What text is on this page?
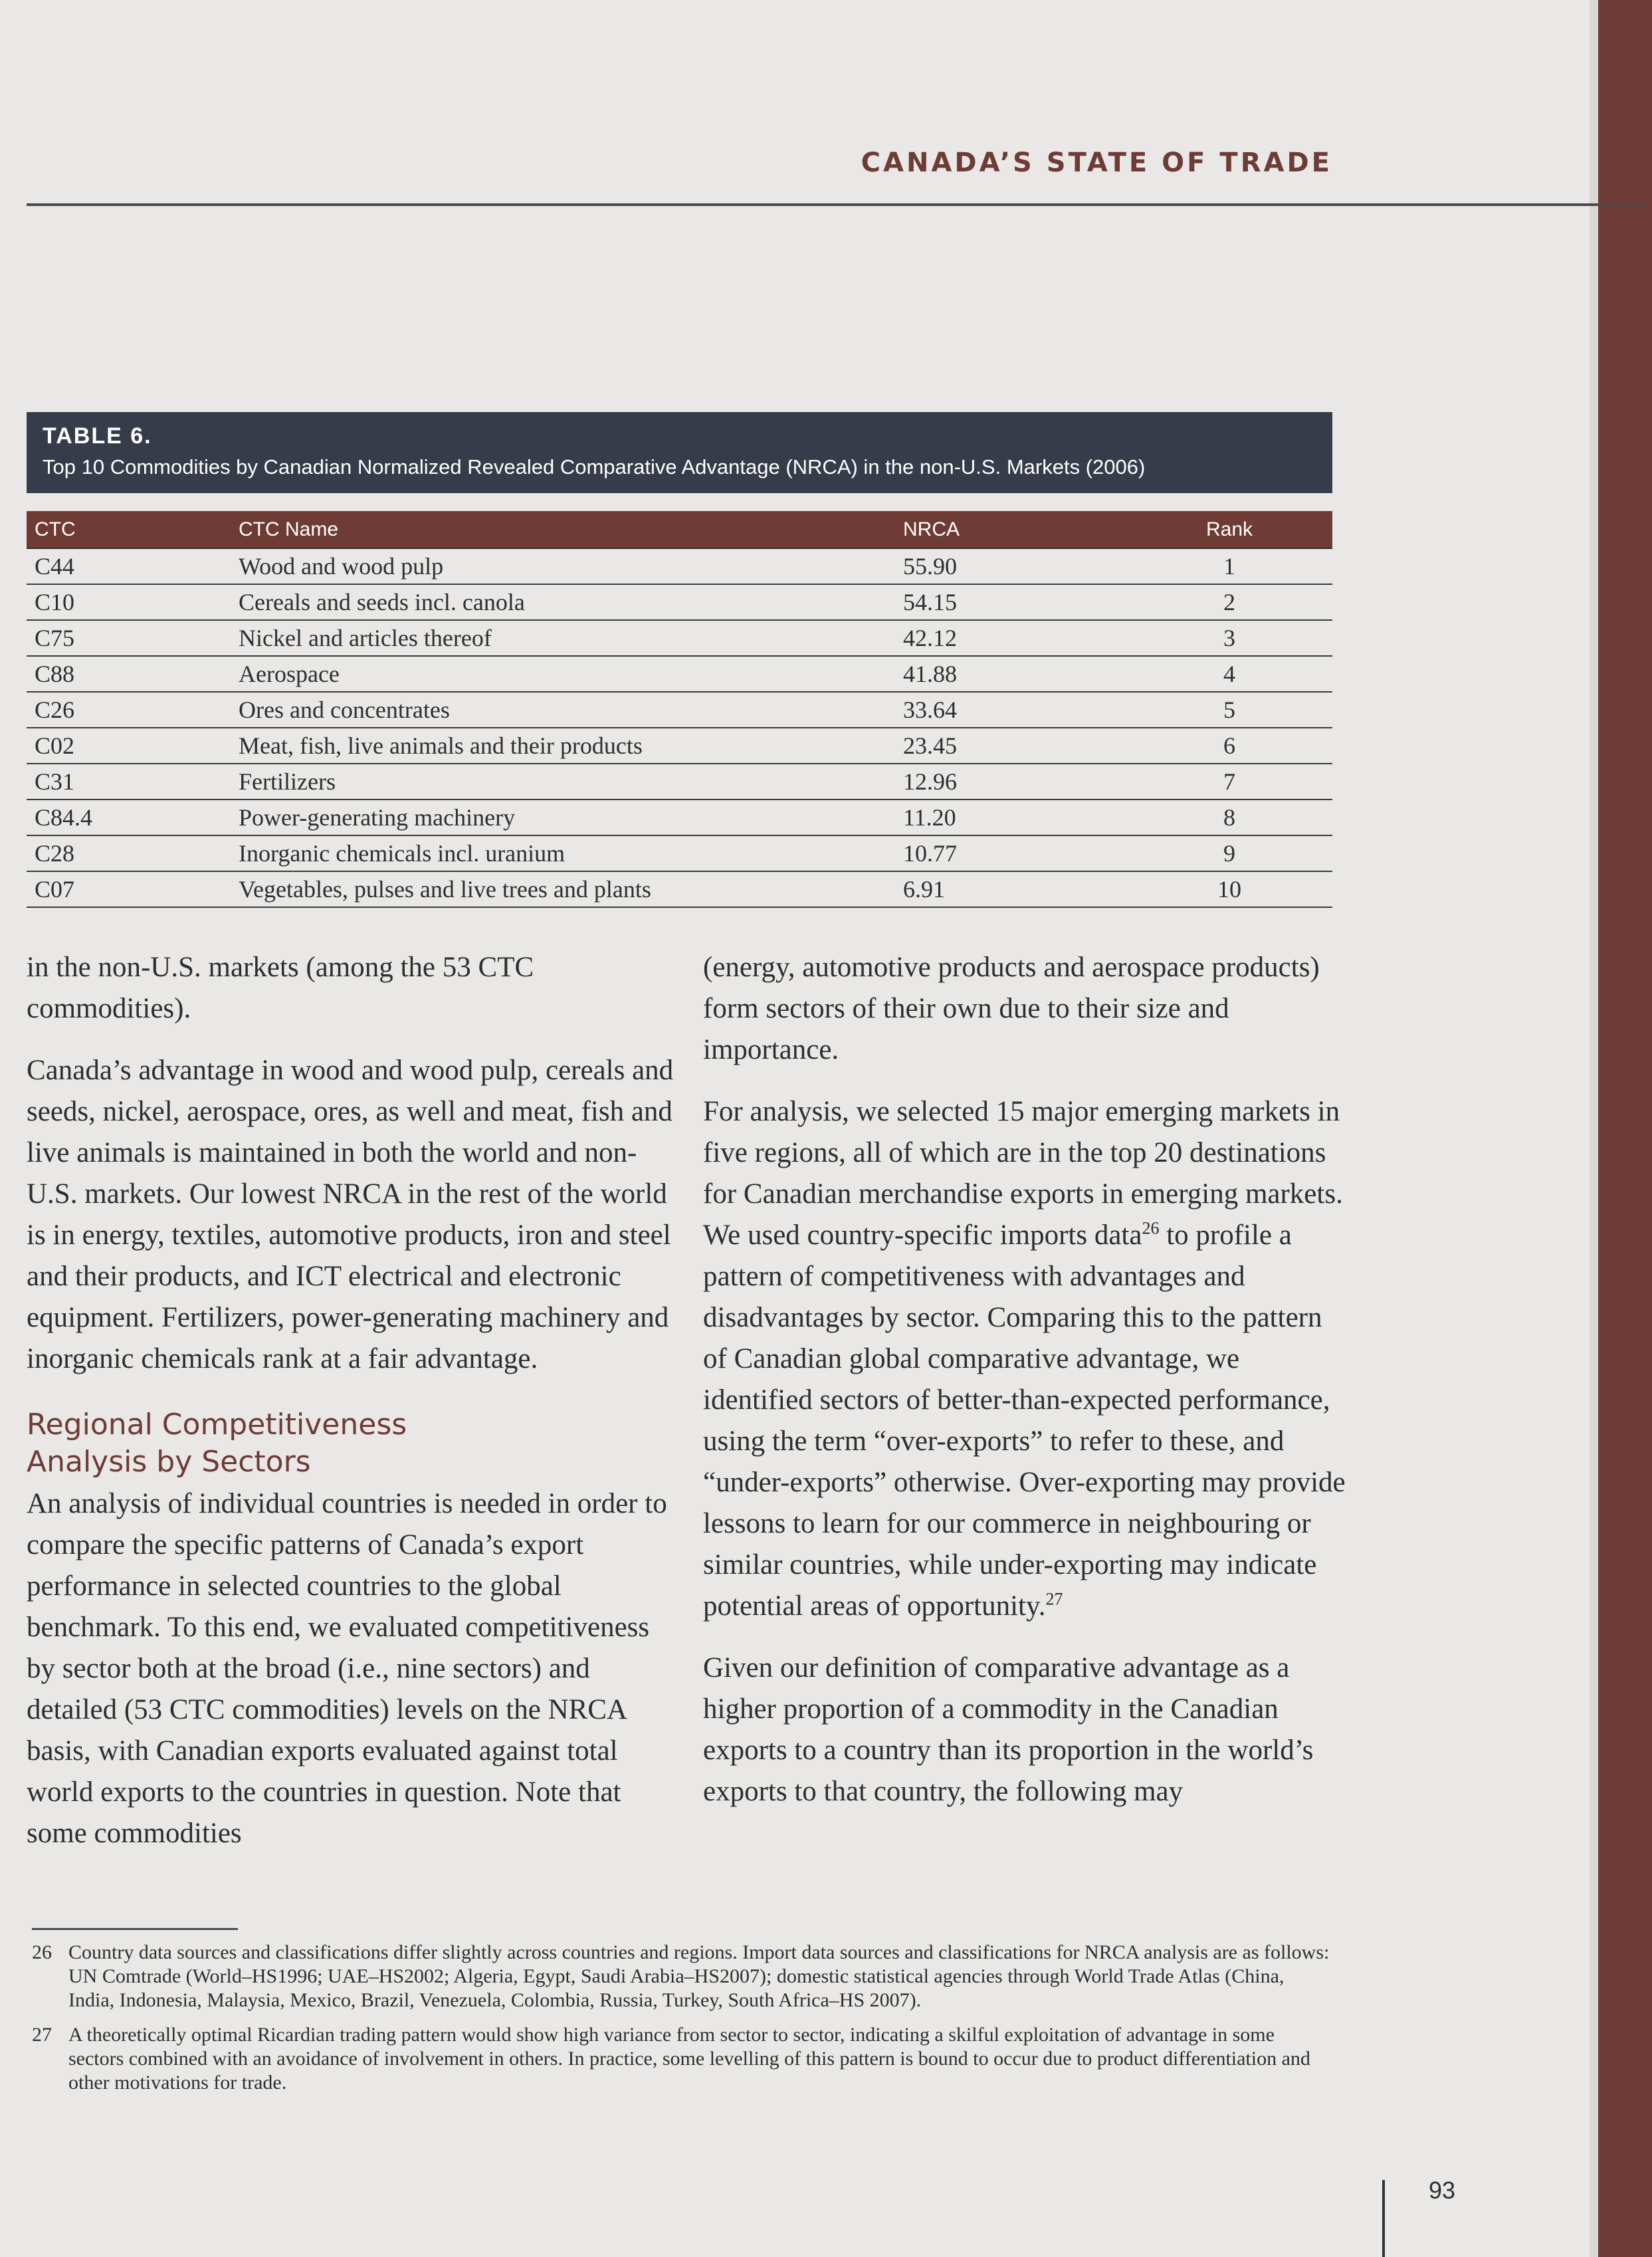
CANADA’S STATE OF TRADE
TABLE 6.
Top 10 Commodities by Canadian Normalized Revealed Comparative Advantage (NRCA) in the non-U.S. Markets (2006)
CTC	CTC Name	NRCA	Rank
C44	Wood and wood pulp	55.90	1
C10	Cereals and seeds incl. canola	54.15	2
C75	Nickel and articles thereof	42.12	3
C88	Aerospace	41.88	4
C26	Ores and concentrates	33.64	5
C02	Meat, fish, live animals and their products	23.45	6
C31	Fertilizers	12.96	7
C84.4	Power-generating machinery	11.20	8
C28	Inorganic chemicals incl. uranium	10.77	9
C07	Vegetables, pulses and live trees and plants	6.91	10

in the non-U.S. markets (among the 53 CTC commodities).

Canada’s advantage in wood and wood pulp, cereals and seeds, nickel, aerospace, ores, as well and meat, fish and live animals is maintained in both the world and non-U.S. markets. Our lowest NRCA in the rest of the world is in energy, textiles, automotive products, iron and steel and their products, and ICT electrical and electronic equipment. Fertilizers, power-generating machinery and inorganic chemicals rank at a fair advantage.

Regional Competitiveness Analysis by Sectors

An analysis of individual countries is needed in order to compare the specific patterns of Canada’s export performance in selected countries to the global benchmark. To this end, we evaluated competitiveness by sector both at the broad (i.e., nine sectors) and detailed (53 CTC commodities) levels on the NRCA basis, with Canadian exports evaluated against total world exports to the countries in question. Note that some commodities

(energy, automotive products and aerospace products) form sectors of their own due to their size and importance.

For analysis, we selected 15 major emerging markets in five regions, all of which are in the top 20 destinations for Canadian merchandise exports in emerging markets. We used country-specific imports data$^{26}$ to profile a pattern of competitiveness with advantages and disadvantages by sector. Comparing this to the pattern of Canadian global comparative advantage, we identified sectors of better-than-expected performance, using the term “over-exports” to refer to these, and “under-exports” otherwise. Over-exporting may provide lessons to learn for our commerce in neighbouring or similar countries, while under-exporting may indicate potential areas of opportunity.$^{27}$

Given our definition of comparative advantage as a higher proportion of a commodity in the Canadian exports to a country than its proportion in the world’s exports to that country, the following may

26 Country data sources and classifications differ slightly across countries and regions. Import data sources and classifications for NRCA analysis are as follows: UN Comtrade (World–HS1996; UAE–HS2002; Algeria, Egypt, Saudi Arabia–HS2007); domestic statistical agencies through World Trade Atlas (China, India, Indonesia, Malaysia, Mexico, Brazil, Venezuela, Colombia, Russia, Turkey, South Africa–HS 2007).
27 A theoretically optimal Ricardian trading pattern would show high variance from sector to sector, indicating a skilful exploitation of advantage in some sectors combined with an avoidance of involvement in others. In practice, some levelling of this pattern is bound to occur due to product differentiation and other motivations for trade.
93
